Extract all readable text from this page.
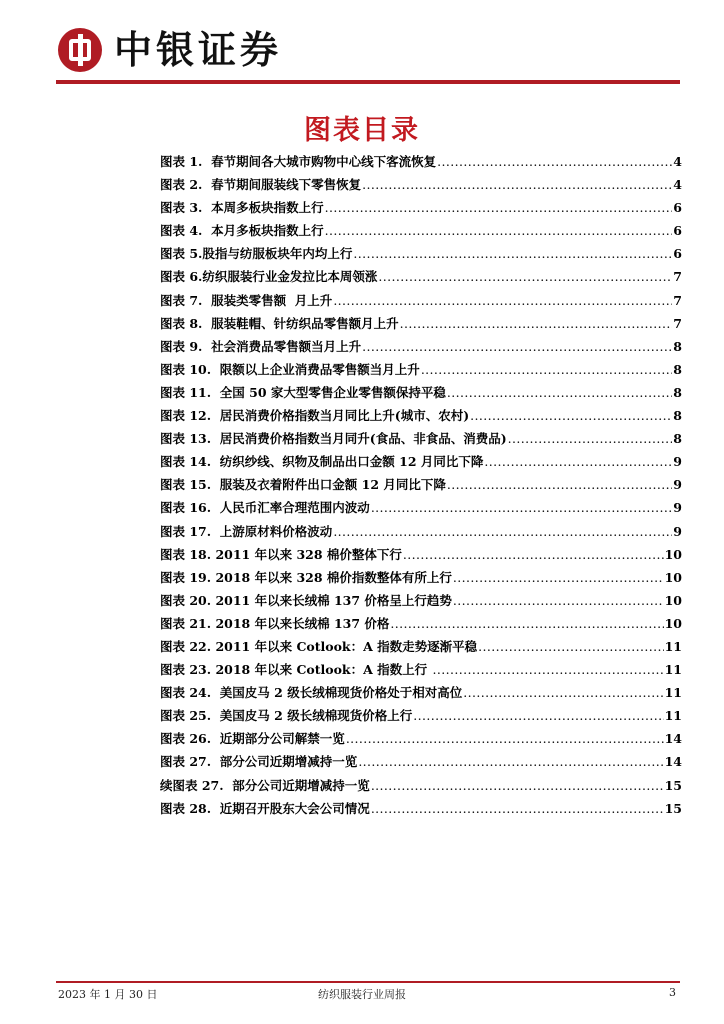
中银证券
图表目录
图表 1.  春节期间各大城市购物中心线下客流恢复 .....	4
图表 2.  春节期间服装线下零售恢复 .....	4
图表 3.  本周多板块指数上行 .....	6
图表 4.  本月多板块指数上行 .....	6
图表 5.股指与纺服板块年内均上行 .....	6
图表 6.纺织服装行业金发拉比本周领涨 .....	7
图表 7.  服装类零售额  月上升 .....	7
图表 8.  服装鞋帽、针纺织品零售额月上升 .....	7
图表 9.  社会消费品零售额当月上升 .....	8
图表 10.  限额以上企业消费品零售额当月上升 .....	8
图表 11.  全国 50 家大型零售企业零售额保持平稳 .....	8
图表 12.  居民消费价格指数当月同比上升(城市、农村) .....	8
图表 13.  居民消费价格指数当月同升(食品、非食品、消费品) .....	8
图表 14.  纺织纱线、织物及制品出口金额 12 月同比下降 .....	9
图表 15.  服装及衣着附件出口金额 12 月同比下降 .....	9
图表 16.  人民币汇率合理范围内波动 .....	9
图表 17.  上游原材料价格波动 .....	9
图表 18. 2011 年以来 328 棉价整体下行 .....	10
图表 19. 2018 年以来 328 棉价指数整体有所上行 .....	10
图表 20. 2011 年以来长绒棉 137 价格呈上行趋势 .....	10
图表 21. 2018 年以来长绒棉 137 价格 .....	10
图表 22. 2011 年以来 Cotlook：A 指数走势逐渐平稳 .....	11
图表 23. 2018 年以来 Cotlook：A 指数上行 .....	11
图表 24.  美国皮马 2 级长绒棉现货价格处于相对高位 .....	11
图表 25.  美国皮马 2 级长绒棉现货价格上行 .....	11
图表 26.  近期部分公司解禁一览 .....	14
图表 27.  部分公司近期增减持一览 .....	14
续图表 27.  部分公司近期增减持一览 .....	15
图表 28.  近期召开股东大会公司情况 .....	15
2023 年 1 月 30 日	纺织服装行业周报	3
